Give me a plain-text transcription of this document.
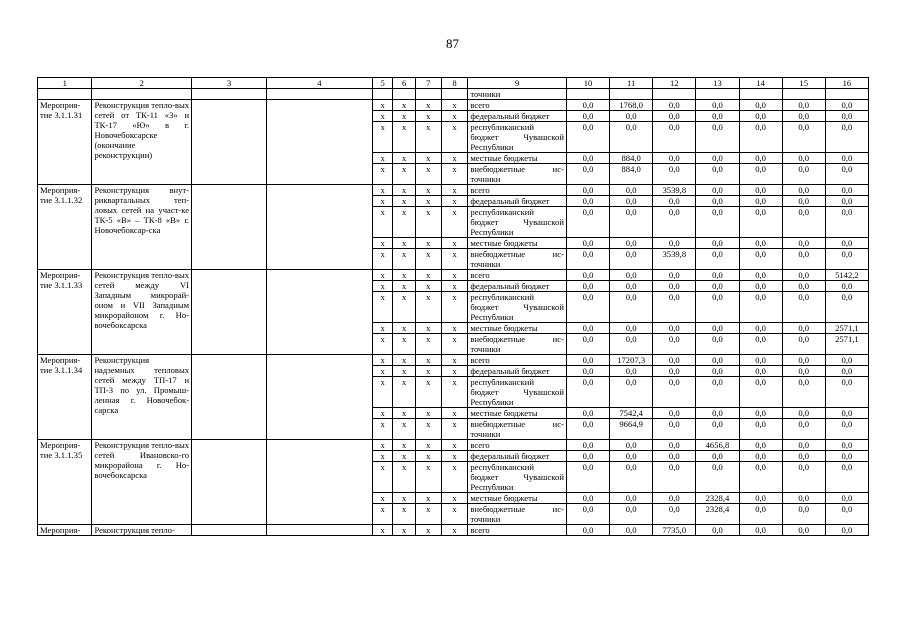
87
1	2	3	4	5	6	7	8	9	10	11	12	13	14	15	16
								точники							
Мероприя-тие 3.1.1.31	Реконструкция тепло-вых сетей от ТК-11 «3» и ТК-17 «Ю» в г. Новочебоксарске (окончание реконструкции)			x	x	x	x	всего	0,0	1768,0	0,0	0,0	0,0	0,0	0,0
				x	x	x	x	федеральный бюджет	0,0	0,0	0,0	0,0	0,0	0,0	0,0
				x	x	x	x	республиканский бюджет Чувашской Республики	0,0	0,0	0,0	0,0	0,0	0,0	0,0
				x	x	x	x	местные бюджеты	0,0	884,0	0,0	0,0	0,0	0,0	0,0
				x	x	x	x	внебюджетные ис-точники	0,0	884,0	0,0	0,0	0,0	0,0	0,0
Мероприя-тие 3.1.1.32	Реконструкция внут-риквартальных теп-ловых сетей на участ-ке ТК-5 «В» – ТК-8 «В» г. Новочебоксар-ска			x	x	x	x	всего	0,0	0,0	3539,8	0,0	0,0	0,0	0,0
				x	x	x	x	федеральный бюджет	0,0	0,0	0,0	0,0	0,0	0,0	0,0
				x	x	x	x	республиканский бюджет Чувашской Республики	0,0	0,0	0,0	0,0	0,0	0,0	0,0
				x	x	x	x	местные бюджеты	0,0	0,0	0,0	0,0	0,0	0,0	0,0
				x	x	x	x	внебюджетные ис-точники	0,0	0,0	3539,8	0,0	0,0	0,0	0,0
Мероприя-тие 3.1.1.33	Реконструкция тепло-вых сетей между VI Западным микрорай-оном и VII Западным микрорайоном г. Но-вочебоксарска			x	x	x	x	всего	0,0	0,0	0,0	0,0	0,0	0,0	5142,2
				x	x	x	x	федеральный бюджет	0,0	0,0	0,0	0,0	0,0	0,0	0,0
				x	x	x	x	республиканский бюджет Чувашской Республики	0,0	0,0	0,0	0,0	0,0	0,0	0,0
				x	x	x	x	местные бюджеты	0,0	0,0	0,0	0,0	0,0	0,0	2571,1
				x	x	x	x	внебюджетные ис-точники	0,0	0,0	0,0	0,0	0,0	0,0	2571,1
Мероприя-тие 3.1.1.34	Реконструкция надземных тепловых сетей между ТП-17 и ТП-3 по ул. Промыш-ленная г. Новочебок-сарска			x	x	x	x	всего	0,0	17207,3	0,0	0,0	0,0	0,0	0,0
				x	x	x	x	федеральный бюджет	0,0	0,0	0,0	0,0	0,0	0,0	0,0
				x	x	x	x	республиканский бюджет Чувашской Республики	0,0	0,0	0,0	0,0	0,0	0,0	0,0
				x	x	x	x	местные бюджеты	0,0	7542,4	0,0	0,0	0,0	0,0	0,0
				x	x	x	x	внебюджетные ис-точники	0,0	9664,9	0,0	0,0	0,0	0,0	0,0
Мероприя-тие 3.1.1.35	Реконструкция тепло-вых сетей Ивановско-го микрорайона г. Но-вочебоксарска			x	x	x	x	всего	0,0	0,0	0,0	4656,8	0,0	0,0	0,0
				x	x	x	x	федеральный бюджет	0,0	0,0	0,0	0,0	0,0	0,0	0,0
				x	x	x	x	республиканский бюджет Чувашской Республики	0,0	0,0	0,0	0,0	0,0	0,0	0,0
				x	x	x	x	местные бюджеты	0,0	0,0	0,0	2328,4	0,0	0,0	0,0
				x	x	x	x	внебюджетные ис-точники	0,0	0,0	0,0	2328,4	0,0	0,0	0,0
Мероприя-	Реконструкция тепло-			x	x	x	x	всего	0,0	0,0	7735,0	0,0	0,0	0,0	0,0
